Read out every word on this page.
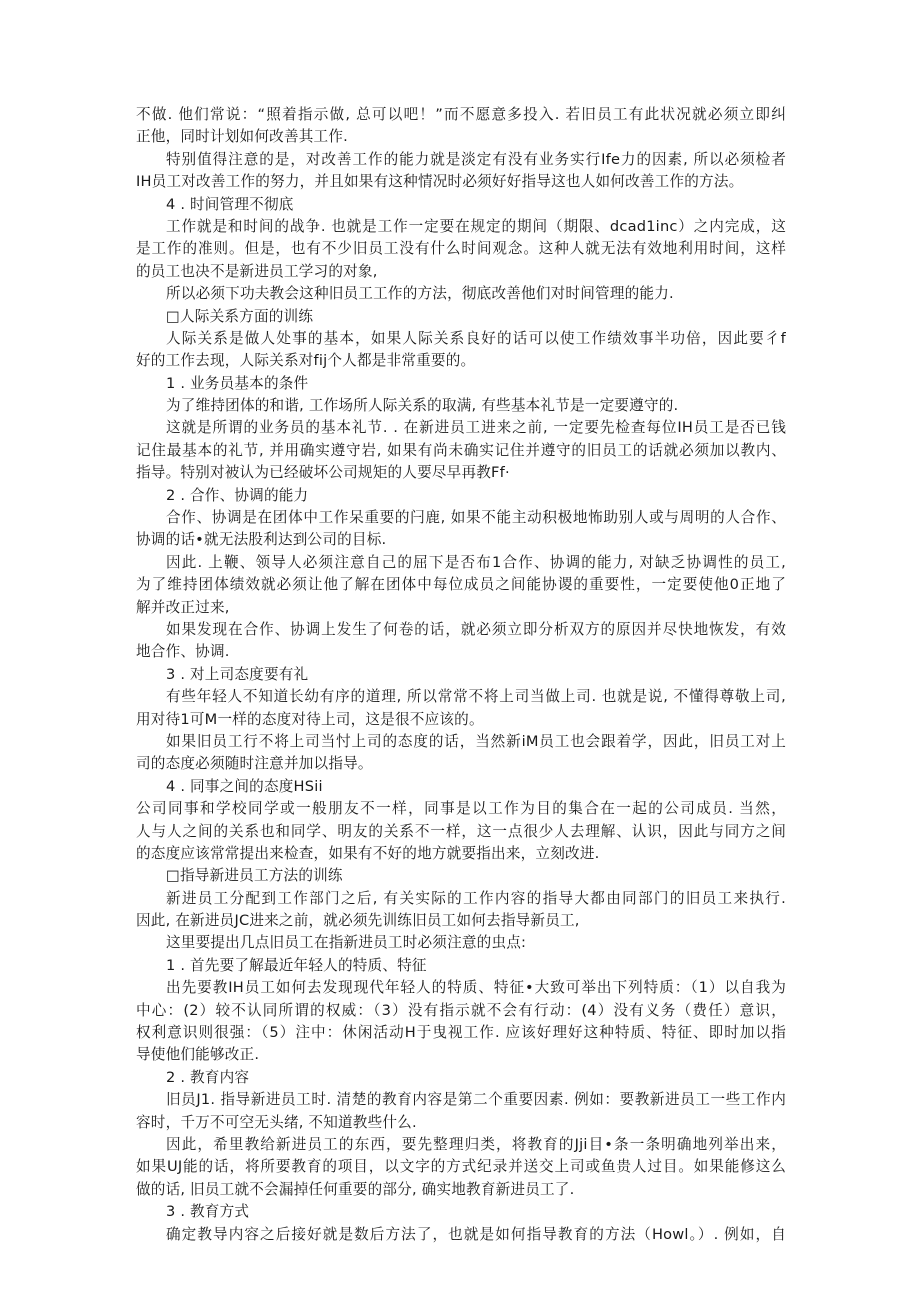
不做. 他们常说：“照着指示做, 总可以吧！”而不愿意多投入. 若旧员工有此状况就必须立即纠
正他，同时计划如何改善其工作.
特别值得注意的是，对改善工作的能力就是淡定有没有业务实行Ife力的因素, 所以必须检者
IH员工对改善工作的努力，并且如果有这种情况时必须好好指导这也人如何改善工作的方法。
4 . 时间管理不彻底
工作就是和时间的战争. 也就是工作一定要在规定的期间（期限、dcad1inc）之内完成，这
是工作的准则。但是，也有不少旧员工没有什么时间观念。这种人就无法有效地利用时间，这样
的员工也决不是新进员工学习的对象,
所以必须下功夫教会这种旧员工工作的方法，彻底改善他们对时间管理的能力.
□人际关系方面的训练
人际关系是做人处事的基本，如果人际关系良好的话可以使工作绩效事半功倍，因此要彳f
好的工作去现，人际关系对fij个人都是非常重要的。
1 . 业务员基本的条件
为了维持团体的和谐, 工作场所人际关系的取满, 有些基本礼节是一定要遵守的.
这就是所谓的业务员的基本礼节. . 在新进员工进来之前, 一定要先检查每位IH员工是否已钱
记住最基本的礼节, 并用确实遵守岩, 如果有尚未确实记住并遵守的旧员工的话就必须加以教内、
指导。特别对被认为已经破坏公司规矩的人要尽早再教Ff·
2 . 合作、协调的能力
合作、协调是在团体中工作呆重要的闩鹿, 如果不能主动积极地怖助别人或与周明的人合作、
协调的话•就无法股利达到公司的目标.
因此. 上鞭、领导人必须注意自己的屈下是否布1合作、协调的能力, 对缺乏协调性的员工,
为了维持团体绩效就必须让他了解在团体中每位成员之间能协谡的重要性，一定要使他0正地了
解并改正过来,
如果发现在合作、协调上发生了何卷的话，就必须立即分析双方的原因并尽快地恢发，有效
地合作、协调.
3 . 对上司态度要有礼
有些年轻人不知道长幼有序的道理, 所以常常不将上司当做上司. 也就是说, 不懂得尊敬上司,
用对待1可M一样的态度对待上司，这是很不应该的。
如果旧员工行不将上司当忖上司的态度的话，当然新iM员工也会跟着学，因此，旧员工对上
司的态度必须随时注意并加以指导。
4 . 同事之间的态度HSii
公司同事和学校同学或一般朋友不一样，同事是以工作为目的集合在一起的公司成员. 当然，
人与人之间的关系也和同学、明友的关系不一样，这一点很少人去理解、认识，因此与同方之间
的态度应该常常提出来检查，如果有不好的地方就要指出来，立刻改进.
□指导新进员工方法的训练
新进员工分配到工作部门之后, 有关实际的工作内容的指导大都由同部门的旧员工来执行.
因此, 在新进员JC进来之前，就必须先训练旧员工如何去指导新员工,
这里要提出几点旧员工在指新进员工时必须注意的虫点:
1 . 首先要了解最近年轻人的特质、特征
出先要教IH员工如何去发现现代年轻人的特质、特征•大致可举出下列特质：（1）以自我为
中心：(2）较不认同所谓的权威：（3）没有指示就不会有行动：(4）没有义务（费任）意识，
权利意识则很强：（5）注中：休闲活动H于曳视工作. 应该好理好这种特质、特征、即时加以指
导使他们能够改正.
2 . 教育内容
旧员J1. 指导新进员工时. 清楚的教育内容是第二个重要因素. 例如：要教新进员工一些工作内
容时，千万不可空无头绪, 不知道教些什么.
因此，希里教给新进员工的东西，要先整理归类，将教育的Jji目•条一条明确地列举出来，
如果UJ能的话，将所要教育的项目，以文字的方式纪录并送交上司或鱼贵人过目。如果能修这么
做的话, 旧员工就不会漏掉任何重要的部分, 确实地教育新进员工了.
3 . 教育方式
确定教导内容之后接好就是数后方法了，也就是如何指导教育的方法（Howl。）. 例如，自
